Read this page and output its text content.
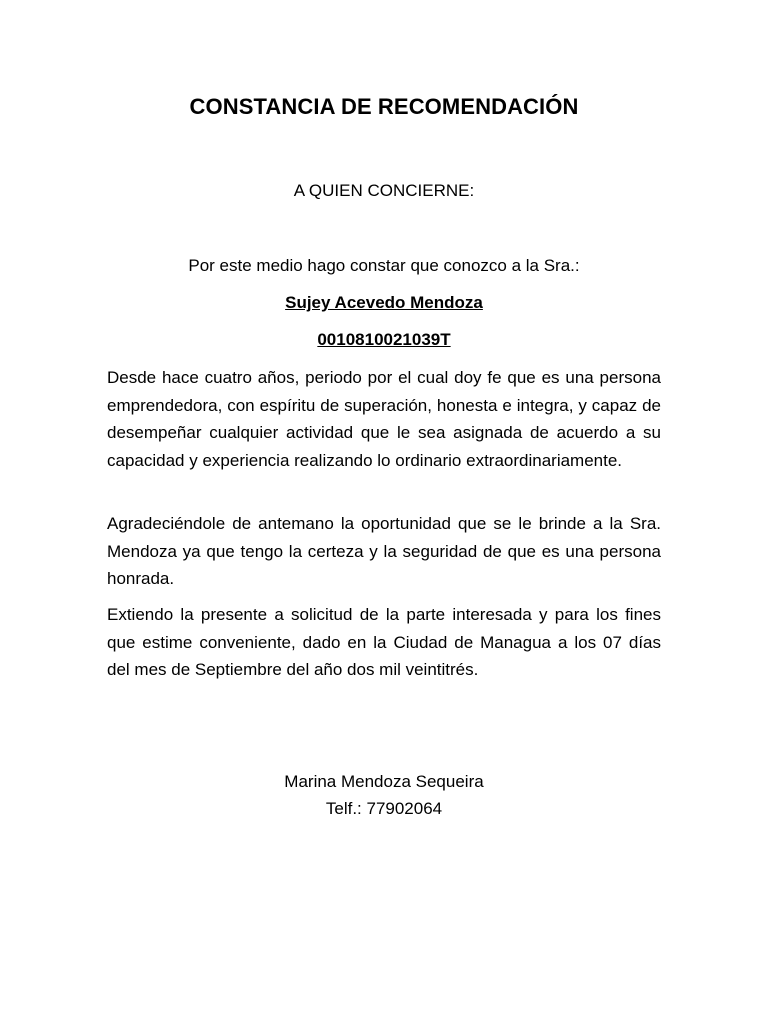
CONSTANCIA DE RECOMENDACIÓN
A QUIEN CONCIERNE:
Por este medio hago constar que conozco a la Sra.:
Sujey Acevedo Mendoza
0010810021039T

Desde hace cuatro años, periodo por el cual doy fe que es una persona emprendedora, con espíritu de superación, honesta e integra, y capaz de desempeñar cualquier actividad que le sea asignada de acuerdo a su capacidad y experiencia realizando lo ordinario extraordinariamente.

Agradeciéndole de antemano la oportunidad que se le brinde a la Sra. Mendoza ya que tengo la certeza y la seguridad de que es una persona honrada.

Extiendo la presente a solicitud de la parte interesada y para los fines que estime conveniente, dado en la Ciudad de Managua a los 07 días del mes de Septiembre del año dos mil veintitrés.

Marina Mendoza Sequeira
Telf.: 77902064
